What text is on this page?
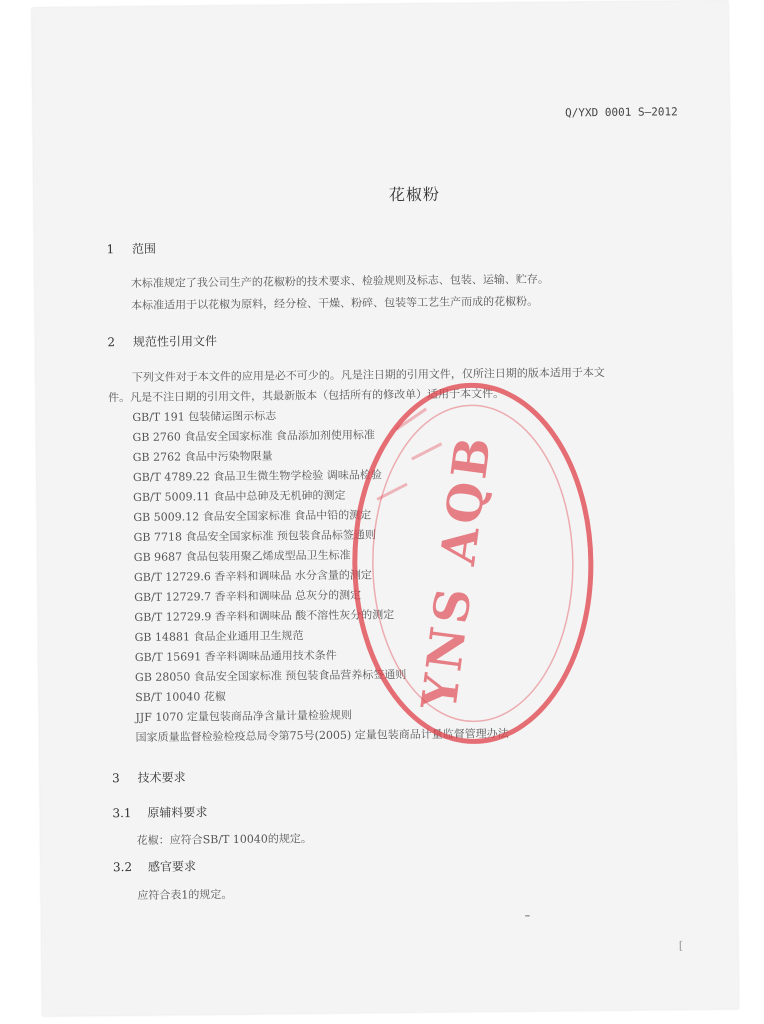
Q/YXD 0001 S—2012
花椒粉
1 范围
木标准规定了我公司生产的花椒粉的技术要求、检验规则及标志、包装、运输、贮存。
本标准适用于以花椒为原料，经分检、干燥、粉碎、包装等工艺生产而成的花椒粉。
2 规范性引用文件
下列文件对于本文件的应用是必不可少的。凡是注日期的引用文件，仅所注日期的版本适用于本文
件。凡是不注日期的引用文件，其最新版本（包括所有的修改单）适用于本文件。
GB/T 191 包装储运图示标志
GB 2760 食品安全国家标准 食品添加剂使用标准
GB 2762 食品中污染物限量
GB/T 4789.22 食品卫生微生物学检验 调味品检验
GB/T 5009.11 食品中总砷及无机砷的测定
GB 5009.12 食品安全国家标准 食品中铅的测定
GB 7718 食品安全国家标准 预包装食品标签通则
GB 9687 食品包装用聚乙烯成型品卫生标准
GB/T 12729.6 香辛料和调味品 水分含量的测定
GB/T 12729.7 香辛料和调味品 总灰分的测定
GB/T 12729.9 香辛料和调味品 酸不溶性灰分的测定
GB 14881 食品企业通用卫生规范
GB/T 15691 香辛料调味品通用技术条件
GB 28050 食品安全国家标准 预包装食品营养标签通则
SB/T 10040 花椒
JJF 1070 定量包装商品净含量计量检验规则
国家质量监督检验检疫总局令第75号(2005) 定量包装商品计量监督管理办法
3 技术要求
3.1 原辅料要求
花椒：应符合SB/T 10040的规定。
3.2 感官要求
应符合表1的规定。
–
[
YNS AQB
